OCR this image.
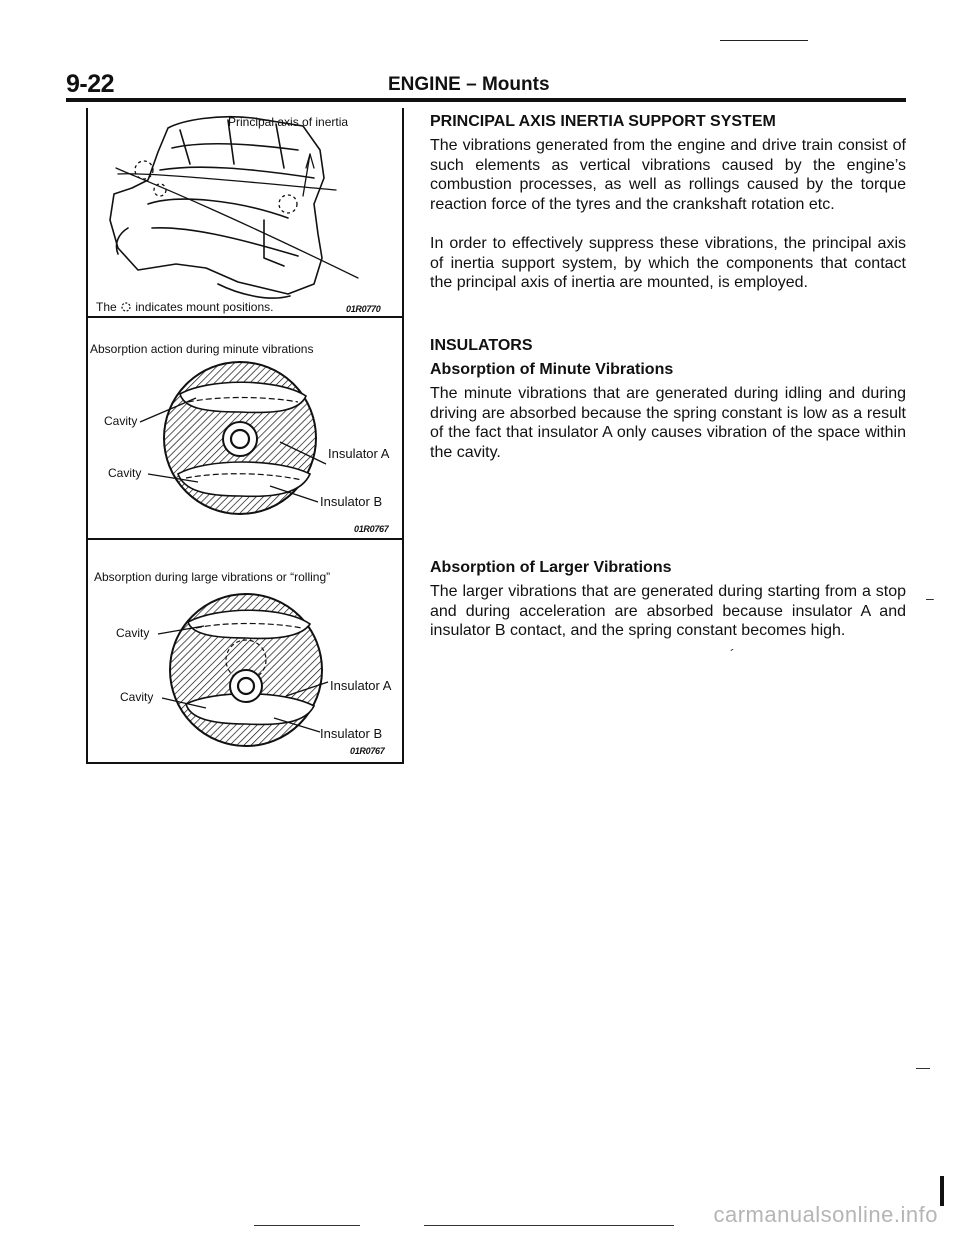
9-22	ENGINE – Mounts
Principal axis of inertia
The indicates mount positions.	01R0770
Absorption action during minute vibrations
Cavity
Cavity
Insulator A
Insulator B
01R0767
Absorption during large vibrations or “rolling”
Cavity
Cavity
Insulator A
Insulator B
01R0767
PRINCIPAL AXIS INERTIA SUPPORT SYSTEM
The vibrations generated from the engine and drive train consist of such elements as vertical vibrations caused by the engine’s combustion processes, as well as rollings caused by the torque reaction force of the tyres and the crankshaft rotation etc.
In order to effectively suppress these vibrations, the principal axis of inertia support system, by which the components that contact the principal axis of inertia are mounted, is employed.
INSULATORS
Absorption of Minute Vibrations
The minute vibrations that are generated during idling and during driving are absorbed because the spring constant is low as a result of the fact that insulator A only causes vibration of the space within the cavity.
Absorption of Larger Vibrations
The larger vibrations that are generated during starting from a stop and during acceleration are absorbed because insulator A and insulator B contact, and the spring constant becomes high.
–
´
carmanualsonline.info
